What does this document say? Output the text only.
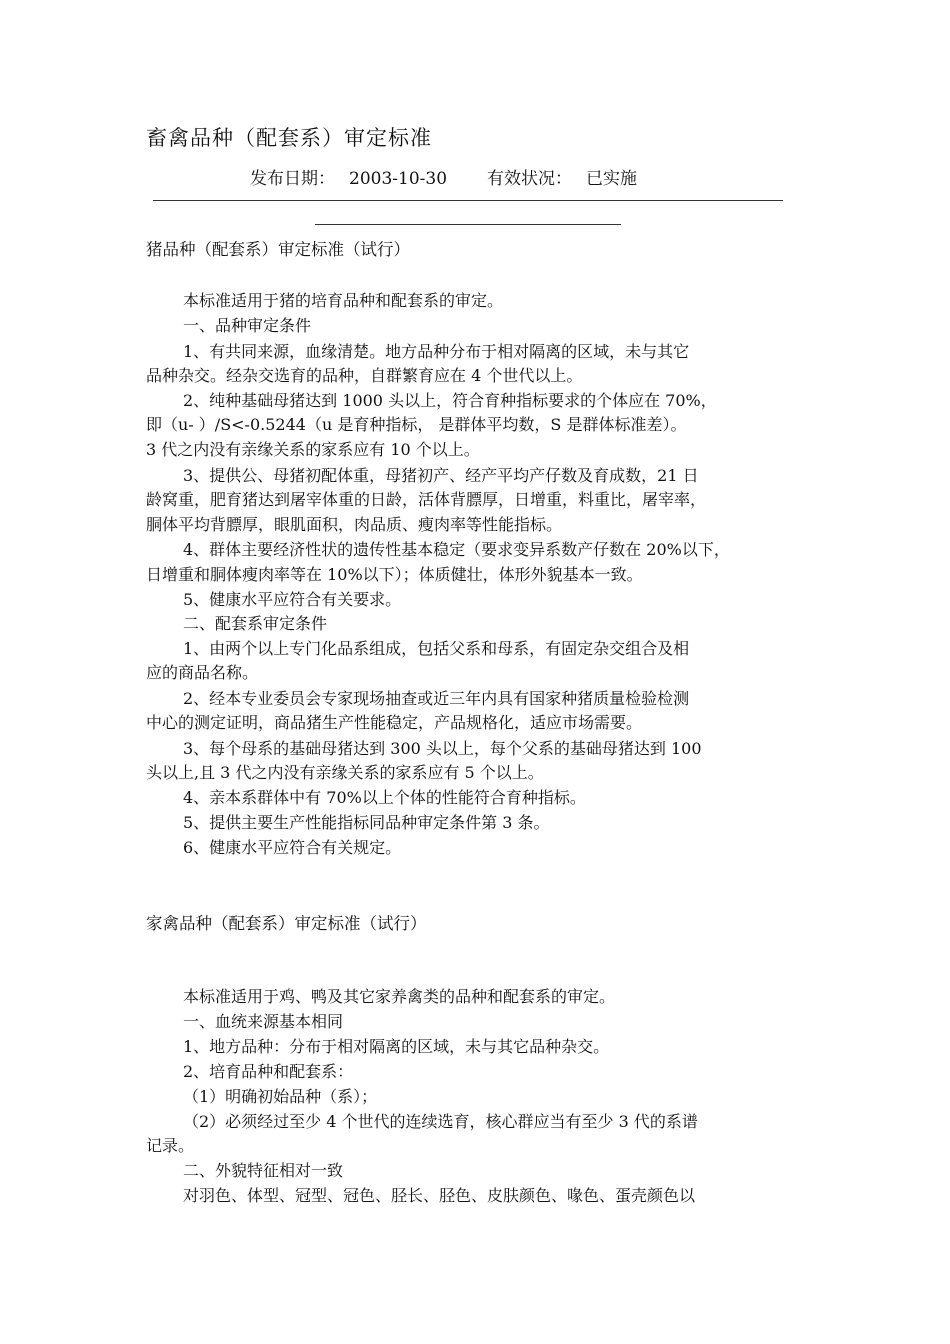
畜禽品种（配套系）审定标准
发布日期： 2003-10-30 有效状况： 已实施
猪品种（配套系）审定标准（试行）
本标准适用于猪的培育品种和配套系的审定。
一、品种审定条件
1、有共同来源，血缘清楚。地方品种分布于相对隔离的区域，未与其它
品种杂交。经杂交选育的品种，自群繁育应在 4 个世代以上。
2、纯种基础母猪达到 1000 头以上，符合育种指标要求的个体应在 70%，
即（u- ）/S<-0.5244（u 是育种指标， 是群体平均数，S 是群体标准差）。
3 代之内没有亲缘关系的家系应有 10 个以上。
3、提供公、母猪初配体重，母猪初产、经产平均产仔数及育成数，21 日
龄窝重，肥育猪达到屠宰体重的日龄，活体背膘厚，日增重，料重比，屠宰率，
胴体平均背膘厚，眼肌面积，肉品质、瘦肉率等性能指标。
4、群体主要经济性状的遗传性基本稳定（要求变异系数产仔数在 20%以下，
日增重和胴体瘦肉率等在 10%以下）；体质健壮，体形外貌基本一致。
5、健康水平应符合有关要求。
二、配套系审定条件
1、由两个以上专门化品系组成，包括父系和母系，有固定杂交组合及相
应的商品名称。
2、经本专业委员会专家现场抽查或近三年内具有国家种猪质量检验检测
中心的测定证明，商品猪生产性能稳定，产品规格化，适应市场需要。
3、每个母系的基础母猪达到 300 头以上，每个父系的基础母猪达到 100
头以上,且 3 代之内没有亲缘关系的家系应有 5 个以上。
4、亲本系群体中有 70%以上个体的性能符合育种指标。
5、提供主要生产性能指标同品种审定条件第 3 条。
6、健康水平应符合有关规定。
家禽品种（配套系）审定标准（试行）
本标准适用于鸡、鸭及其它家养禽类的品种和配套系的审定。
一、血统来源基本相同
1、地方品种：分布于相对隔离的区域，未与其它品种杂交。
2、培育品种和配套系：
（1）明确初始品种（系）；
（2）必须经过至少 4 个世代的连续选育，核心群应当有至少 3 代的系谱
记录。
二、外貌特征相对一致
对羽色、体型、冠型、冠色、胫长、胫色、皮肤颜色、喙色、蛋壳颜色以
